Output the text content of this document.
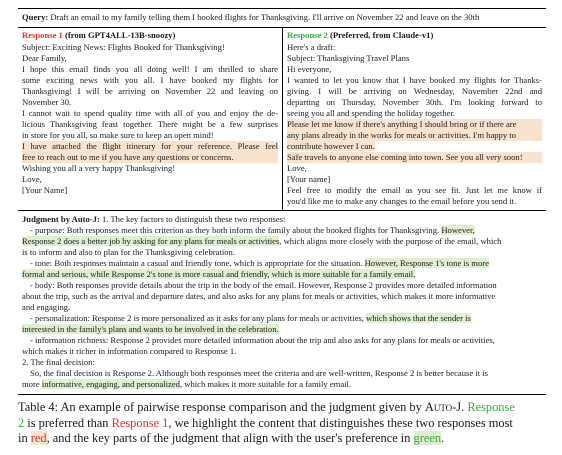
Query: Draft an email to my family telling them I booked flights for Thanksgiving. I'll arrive on November 22 and leave on the 30th
Response 1 (from GPT4ALL-13B-snoozy)
Subject: Exciting News: Flights Booked for Thanksgiving!
Dear Family,
I hope this email finds you all doing well! I am thrilled to share
some exciting news with you all. I have booked my flights for
Thanksgiving! I will be arriving on November 22 and leaving on
November 30.
I cannot wait to spend quality time with all of you and enjoy the de-
licious Thanksgiving feast together. There might be a few surprises
in store for you all, so make sure to keep an open mind!
I have attached the flight itinerary for your reference. Please feel
free to reach out to me if you have any questions or concerns.
Wishing you all a very happy Thanksgiving!
Love,
[Your Name]
Response 2 (Preferred, from Claude-v1)
Here's a draft:
Subject: Thanksgiving Travel Plans
Hi everyone,
I wanted to let you know that I have booked my flights for Thanks-
giving. I will be arriving on Wednesday, November 22nd and
departing on Thursday, November 30th. I'm looking forward to
seeing you all and spending the holiday together.
Please let me know if there's anything I should bring or if there are
any plans already in the works for meals or activities. I'm happy to
contribute however I can.
Safe travels to anyone else coming into town. See you all very soon!
Love,
[Your name]
Feel free to modify the email as you see fit. Just let me know if
you'd like me to make any changes to the email before you send it.
Judgment by Auto-J: 1. The key factors to distinguish these two responses:
- purpose: Both responses meet this criterion as they both inform the family about the booked flights for Thanksgiving. However,
Response 2 does a better job by asking for any plans for meals or activities, which aligns more closely with the purpose of the email, which
is to inform and also to plan for the Thanksgiving celebration.
- tone: Both responses maintain a casual and friendly tone, which is appropriate for the situation. However, Response 1's tone is more
formal and serious, while Response 2's tone is more casual and friendly, which is more suitable for a family email.
- body: Both responses provide details about the trip in the body of the email. However, Response 2 provides more detailed information
about the trip, such as the arrival and departure dates, and also asks for any plans for meals or activities, which makes it more informative
and engaging.
- personalization: Response 2 is more personalized as it asks for any plans for meals or activities, which shows that the sender is
interested in the family's plans and wants to be involved in the celebration.
- information richness: Response 2 provides more detailed information about the trip and also asks for any plans for meals or activities,
which makes it richer in information compared to Response 1.
2. The final decision:
So, the final decision is Response 2. Although both responses meet the criteria and are well-written, Response 2 is better because it is
more informative, engaging, and personalized, which makes it more suitable for a family email.
Table 4: An example of pairwise response comparison and the judgment given by Auto-J. Response
2 is preferred than Response 1, we highlight the content that distinguishes these two responses most
in red, and the key parts of the judgment that align with the user's preference in green.
